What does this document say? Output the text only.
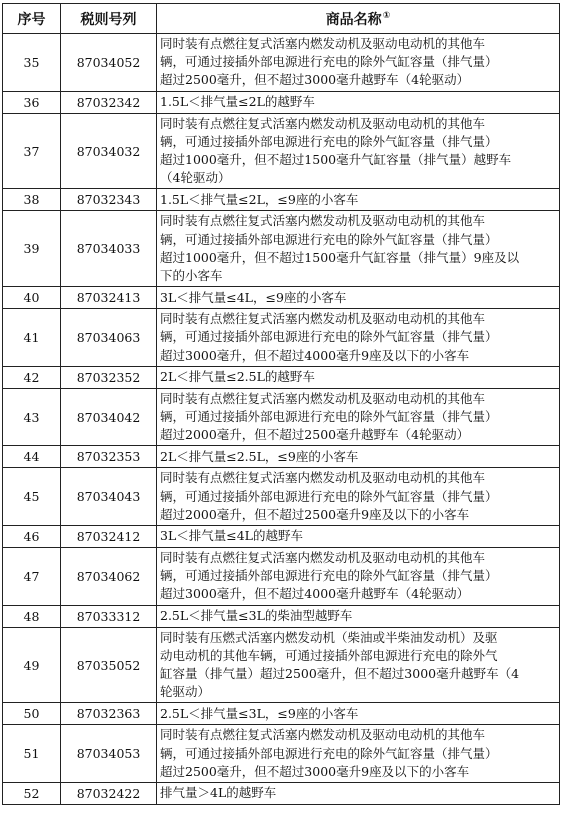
序号	税则号列	商品名称①
35	87034052	同时装有点燃往复式活塞内燃发动机及驱动电动机的其他车
辆，可通过接插外部电源进行充电的除外气缸容量（排气量）
超过2500毫升，但不超过3000毫升越野车（4轮驱动）

36	87032342	1.5L＜排气量≤2L的越野车

37	87034032	同时装有点燃往复式活塞内燃发动机及驱动电动机的其他车
辆，可通过接插外部电源进行充电的除外气缸容量（排气量）
超过1000毫升，但不超过1500毫升气缸容量（排气量）越野车
（4轮驱动）

38	87032343	1.5L＜排气量≤2L，≤9座的小客车

39	87034033	同时装有点燃往复式活塞内燃发动机及驱动电动机的其他车
辆，可通过接插外部电源进行充电的除外气缸容量（排气量）
超过1000毫升，但不超过1500毫升气缸容量（排气量）9座及以
下的小客车

40	87032413	3L＜排气量≤4L，≤9座的小客车

41	87034063	同时装有点燃往复式活塞内燃发动机及驱动电动机的其他车
辆，可通过接插外部电源进行充电的除外气缸容量（排气量）
超过3000毫升，但不超过4000毫升9座及以下的小客车

42	87032352	2L＜排气量≤2.5L的越野车

43	87034042	同时装有点燃往复式活塞内燃发动机及驱动电动机的其他车
辆，可通过接插外部电源进行充电的除外气缸容量（排气量）
超过2000毫升，但不超过2500毫升越野车（4轮驱动）

44	87032353	2L＜排气量≤2.5L，≤9座的小客车

45	87034043	同时装有点燃往复式活塞内燃发动机及驱动电动机的其他车
辆，可通过接插外部电源进行充电的除外气缸容量（排气量）
超过2000毫升，但不超过2500毫升9座及以下的小客车

46	87032412	3L＜排气量≤4L的越野车

47	87034062	同时装有点燃往复式活塞内燃发动机及驱动电动机的其他车
辆，可通过接插外部电源进行充电的除外气缸容量（排气量）
超过3000毫升，但不超过4000毫升越野车（4轮驱动）

48	87033312	2.5L＜排气量≤3L的柴油型越野车

49	87035052	同时装有压燃式活塞内燃发动机（柴油或半柴油发动机）及驱
动电动机的其他车辆，可通过接插外部电源进行充电的除外气
缸容量（排气量）超过2500毫升，但不超过3000毫升越野车（4
轮驱动）

50	87032363	2.5L＜排气量≤3L，≤9座的小客车

51	87034053	同时装有点燃往复式活塞内燃发动机及驱动电动机的其他车
辆，可通过接插外部电源进行充电的除外气缸容量（排气量）
超过2500毫升，但不超过3000毫升9座及以下的小客车

52	87032422	排气量＞4L的越野车
